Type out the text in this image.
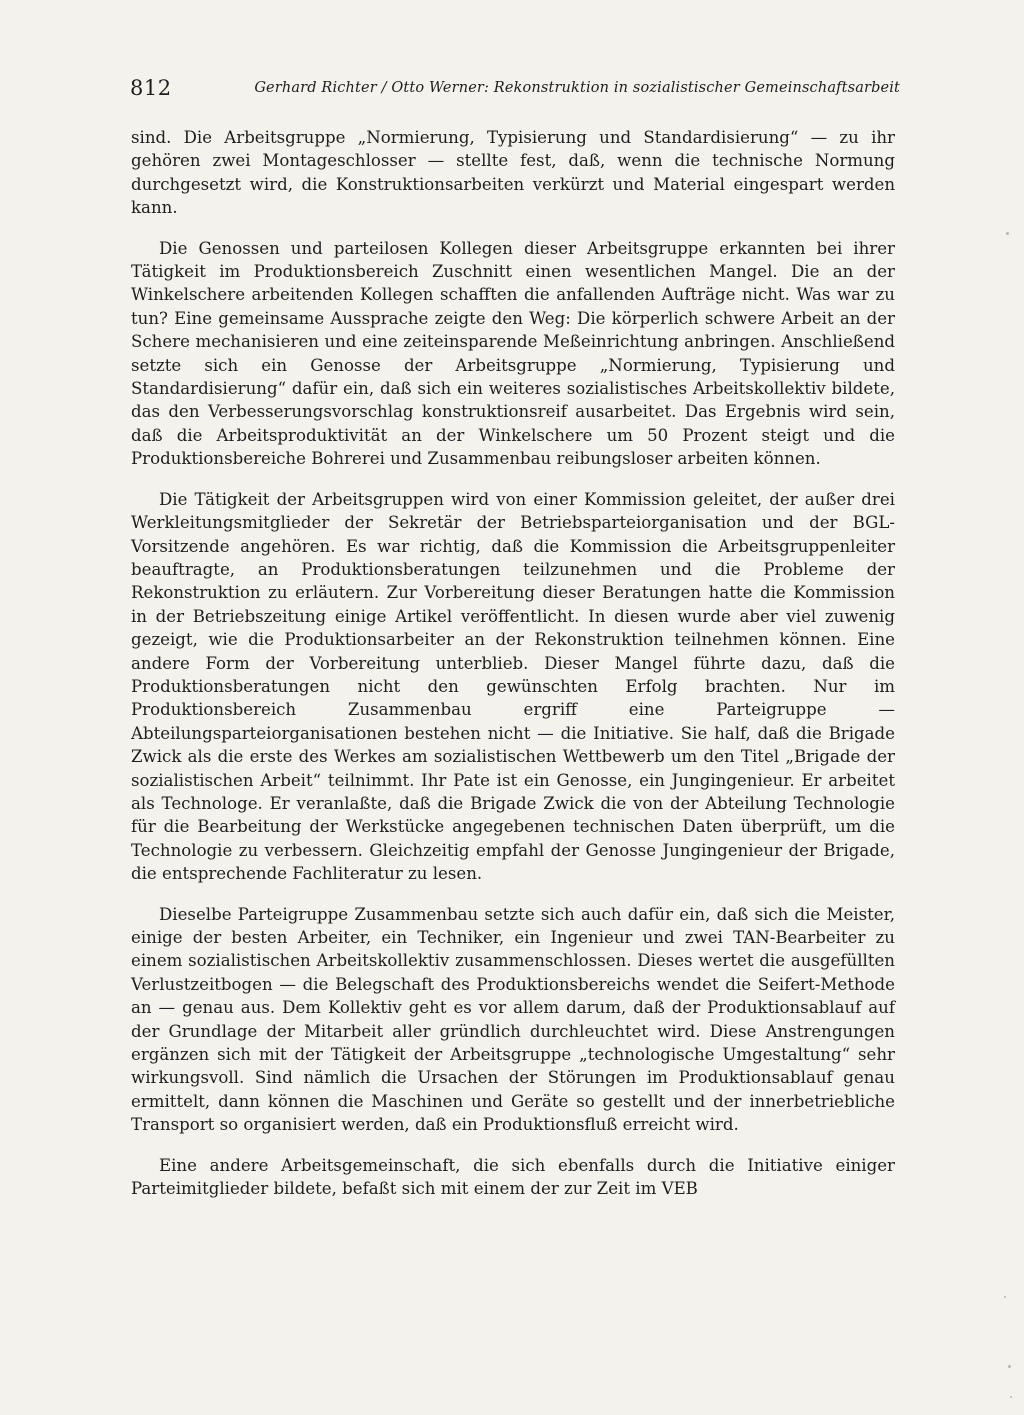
812	Gerhard Richter / Otto Werner: Rekonstruktion in sozialistischer Gemeinschaftsarbeit

sind. Die Arbeitsgruppe „Normierung, Typisierung und Standardisierung“ — zu ihr gehören zwei Montageschlosser — stellte fest, daß, wenn die technische Normung durchgesetzt wird, die Konstruktionsarbeiten verkürzt und Material eingespart werden kann.

Die Genossen und parteilosen Kollegen dieser Arbeitsgruppe erkannten bei ihrer Tätigkeit im Produktionsbereich Zuschnitt einen wesentlichen Mangel. Die an der Winkelschere arbeitenden Kollegen schafften die anfallenden Aufträge nicht. Was war zu tun? Eine gemeinsame Aussprache zeigte den Weg: Die körperlich schwere Arbeit an der Schere mechanisieren und eine zeiteinsparende Meßeinrichtung anbringen. Anschließend setzte sich ein Genosse der Arbeitsgruppe „Normierung, Typisierung und Standardisierung“ dafür ein, daß sich ein weiteres sozialistisches Arbeitskollektiv bildete, das den Verbesserungsvorschlag konstruktionsreif ausarbeitet. Das Ergebnis wird sein, daß die Arbeitsproduktivität an der Winkelschere um 50 Prozent steigt und die Produktionsbereiche Bohrerei und Zusammenbau reibungsloser arbeiten können.

Die Tätigkeit der Arbeitsgruppen wird von einer Kommission geleitet, der außer drei Werkleitungsmitglieder der Sekretär der Betriebsparteiorganisation und der BGL-Vorsitzende angehören. Es war richtig, daß die Kommission die Arbeitsgruppenleiter beauftragte, an Produktionsberatungen teilzunehmen und die Probleme der Rekonstruktion zu erläutern. Zur Vorbereitung dieser Beratungen hatte die Kommission in der Betriebszeitung einige Artikel veröffentlicht. In diesen wurde aber viel zuwenig gezeigt, wie die Produktionsarbeiter an der Rekonstruktion teilnehmen können. Eine andere Form der Vorbereitung unterblieb. Dieser Mangel führte dazu, daß die Produktionsberatungen nicht den gewünschten Erfolg brachten. Nur im Produktionsbereich Zusammenbau ergriff eine Parteigruppe — Abteilungsparteiorganisationen bestehen nicht — die Initiative. Sie half, daß die Brigade Zwick als die erste des Werkes am sozialistischen Wettbewerb um den Titel „Brigade der sozialistischen Arbeit“ teilnimmt. Ihr Pate ist ein Genosse, ein Jungingenieur. Er arbeitet als Technologe. Er veranlaßte, daß die Brigade Zwick die von der Abteilung Technologie für die Bearbeitung der Werkstücke angegebenen technischen Daten überprüft, um die Technologie zu verbessern. Gleichzeitig empfahl der Genosse Jungingenieur der Brigade, die entsprechende Fachliteratur zu lesen.

Dieselbe Parteigruppe Zusammenbau setzte sich auch dafür ein, daß sich die Meister, einige der besten Arbeiter, ein Techniker, ein Ingenieur und zwei TAN-Bearbeiter zu einem sozialistischen Arbeitskollektiv zusammenschlossen. Dieses wertet die ausgefüllten Verlustzeitbogen — die Belegschaft des Produktionsbereichs wendet die Seifert-Methode an — genau aus. Dem Kollektiv geht es vor allem darum, daß der Produktionsablauf auf der Grundlage der Mitarbeit aller gründlich durchleuchtet wird. Diese Anstrengungen ergänzen sich mit der Tätigkeit der Arbeitsgruppe „technologische Umgestaltung“ sehr wirkungsvoll. Sind nämlich die Ursachen der Störungen im Produktionsablauf genau ermittelt, dann können die Maschinen und Geräte so gestellt und der innerbetriebliche Transport so organisiert werden, daß ein Produktionsfluß erreicht wird.

Eine andere Arbeitsgemeinschaft, die sich ebenfalls durch die Initiative einiger Parteimitglieder bildete, befaßt sich mit einem der zur Zeit im VEB
